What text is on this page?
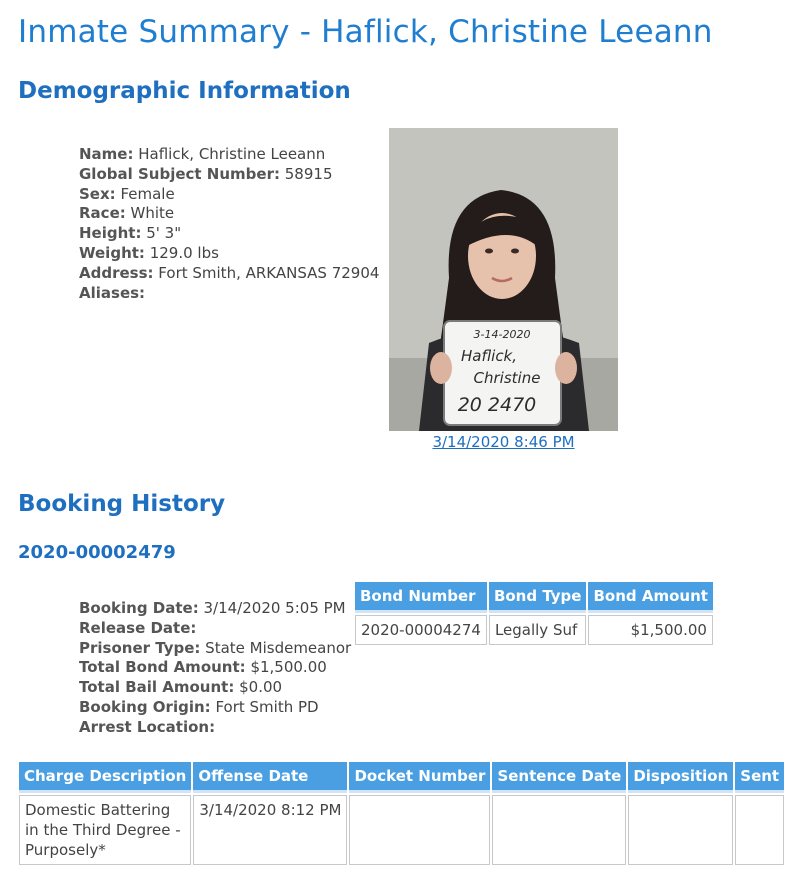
Inmate Summary - Haflick, Christine Leeann
Demographic Information
Name: Haflick, Christine Leeann
Global Subject Number: 58915
Sex: Female
Race: White
Height: 5' 3"
Weight: 129.0 lbs
Address: Fort Smith, ARKANSAS 72904
Aliases:
3-14-2020
Haflick,
Christine
20 2470
3/14/2020 8:46 PM
Booking History
2020-00002479
Booking Date: 3/14/2020 5:05 PM
Release Date:
Prisoner Type: State Misdemeanor
Total Bond Amount: $1,500.00
Total Bail Amount: $0.00
Booking Origin: Fort Smith PD
Arrest Location:
Bond Number	Bond Type	Bond Amount
2020-00004274	Legally Suf	$1,500.00
Charge Description	Offense Date	Docket Number	Sentence Date	Disposition	Sent
Domestic Battering in the Third Degree - Purposely*	3/14/2020 8:12 PM				
